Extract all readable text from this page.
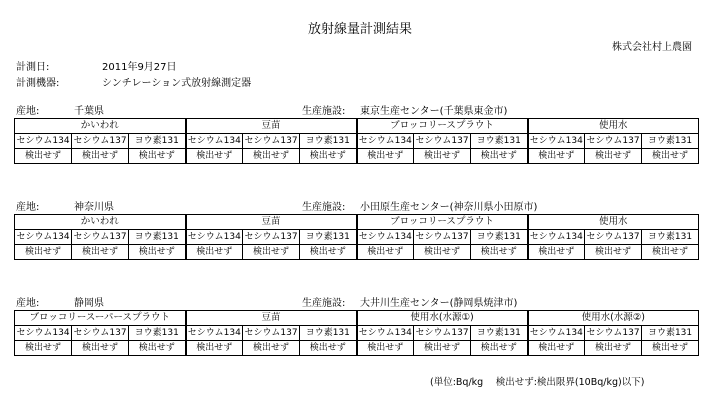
放射線量計測結果
株式会社村上農園
計測日:	2011年9月27日
計測機器:	シンチレーション式放射線測定器
産地:	千葉県	生産施設: 東京生産センター(千葉県東金市)
かいわれ			豆苗			ブロッコリースプラウト			使用水		
セシウム134	セシウム137	ヨウ素131	セシウム134	セシウム137	ヨウ素131	セシウム134	セシウム137	ヨウ素131	セシウム134	セシウム137	ヨウ素131
検出せず	検出せず	検出せず	検出せず	検出せず	検出せず	検出せず	検出せず	検出せず	検出せず	検出せず	検出せず
産地:	神奈川県	生産施設: 小田原生産センター(神奈川県小田原市)
かいわれ			豆苗			ブロッコリースプラウト			使用水		
セシウム134	セシウム137	ヨウ素131	セシウム134	セシウム137	ヨウ素131	セシウム134	セシウム137	ヨウ素131	セシウム134	セシウム137	ヨウ素131
検出せず	検出せず	検出せず	検出せず	検出せず	検出せず	検出せず	検出せず	検出せず	検出せず	検出せず	検出せず
産地:	静岡県	生産施設: 大井川生産センター(静岡県焼津市)
ブロッコリースーパースプラウト			豆苗			使用水(水源①)			使用水(水源②)		
セシウム134	セシウム137	ヨウ素131	セシウム134	セシウム137	ヨウ素131	セシウム134	セシウム137	ヨウ素131	セシウム134	セシウム137	ヨウ素131
検出せず	検出せず	検出せず	検出せず	検出せず	検出せず	検出せず	検出せず	検出せず	検出せず	検出せず	検出せず
(単位:Bq/kg　 検出せず:検出限界(10Bq/kg)以下)
